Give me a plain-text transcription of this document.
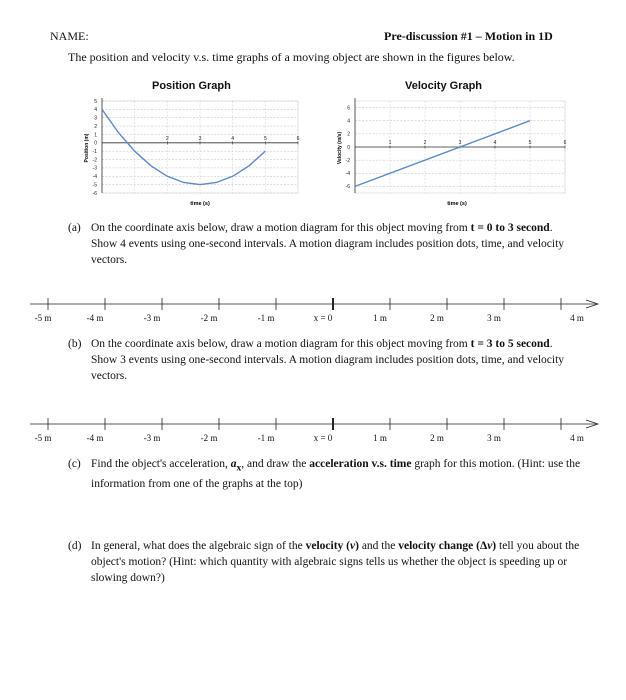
NAME:	Pre-discussion #1 – Motion in 1D
The position and velocity v.s. time graphs of a moving object are shown in the figures below.
Position Graph	Velocity Graph
5
4
3
2
1
0
-1
-2
-3
-4
-5
-6
2	3	4	5	6
Position (m)
time (s)
6
4
2
0
-2
-4
-6
1	2	3	4	5	6
Velocity (m/s)
time (s)
(a) On the coordinate axis below, draw a motion diagram for this object moving from t = 0 to 3 second. Show 4 events using one-second intervals. A motion diagram includes position dots, time, and velocity vectors.
-5 m	-4 m	-3 m	-2 m	-1 m	x = 0	1 m	2 m	3 m	4 m
(b) On the coordinate axis below, draw a motion diagram for this object moving from t = 3 to 5 second. Show 3 events using one-second intervals. A motion diagram includes position dots, time, and velocity vectors.
-5 m	-4 m	-3 m	-2 m	-1 m	x = 0	1 m	2 m	3 m	4 m
(c) Find the object's acceleration, $a_x$, and draw the acceleration v.s. time graph for this motion. (Hint: use the information from one of the graphs at the top)
(d) In general, what does the algebraic sign of the velocity (v) and the velocity change (Δv) tell you about the object's motion? (Hint: which quantity with algebraic signs tells us whether the object is speeding up or slowing down?)
